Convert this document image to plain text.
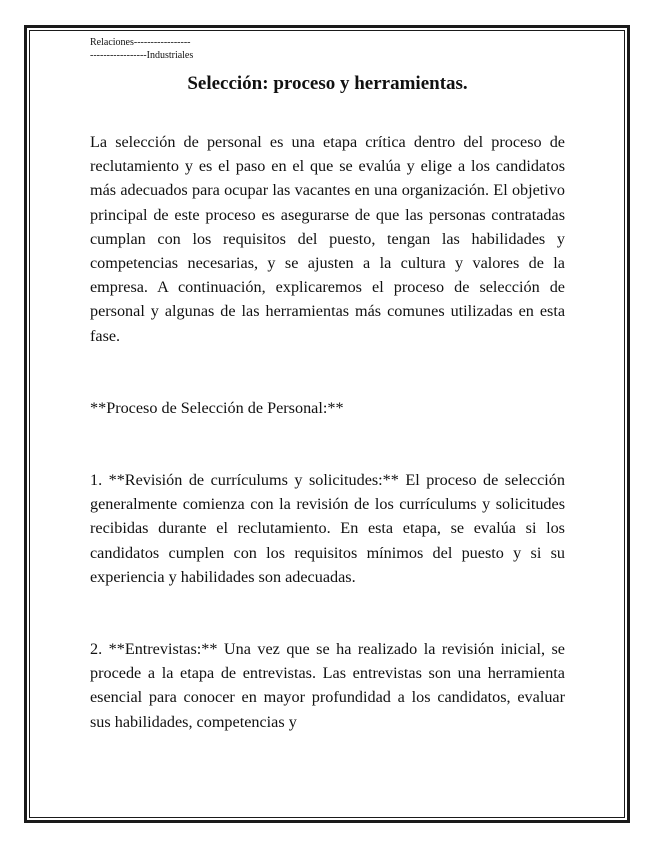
Relaciones-----------------

-----------------Industriales

Selección: proceso y herramientas.

La selección de personal es una etapa crítica dentro del proceso de reclutamiento y es el paso en el que se evalúa y elige a los candidatos más adecuados para ocupar las vacantes en una organización. El objetivo principal de este proceso es asegurarse de que las personas contratadas cumplan con los requisitos del puesto, tengan las habilidades y competencias necesarias, y se ajusten a la cultura y valores de la empresa. A continuación, explicaremos el proceso de selección de personal y algunas de las herramientas más comunes utilizadas en esta fase.

**Proceso de Selección de Personal:**

1. **Revisión de currículums y solicitudes:** El proceso de selección generalmente comienza con la revisión de los currículums y solicitudes recibidas durante el reclutamiento. En esta etapa, se evalúa si los candidatos cumplen con los requisitos mínimos del puesto y si su experiencia y habilidades son adecuadas.

2. **Entrevistas:** Una vez que se ha realizado la revisión inicial, se procede a la etapa de entrevistas. Las entrevistas son una herramienta esencial para conocer en mayor profundidad a los candidatos, evaluar sus habilidades, competencias y
